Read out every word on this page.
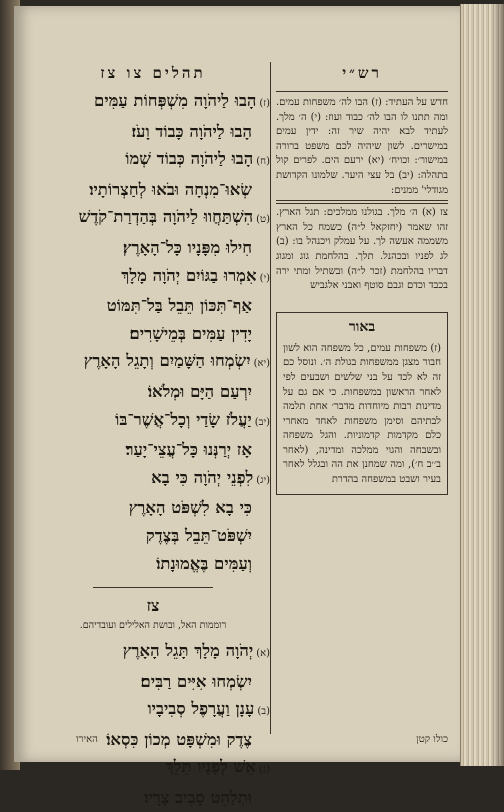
תהלים צו צז
(ז)הָבוּ לַיהֹוָה מִשְׁפְּחוֹת עַמִּים
הָבוּ לַיהֹוָה כָּבוֹד וָעֹז׃
(ח)הָבוּ לַיהֹוָה כְּבוֹד שְׁמוֹ
שְׂאוּ־מִנְחָה וּבֹאוּ לְחַצְרוֹתָיו׃
(ט)הִשְׁתַּחֲווּ לַיהֹוָה בְּהַדְרַת־קֹדֶשׁ
חִילוּ מִפָּנָיו כָּל־הָאָרֶץ׃
(י)אִמְרוּ בַגּוֹיִם יְהֹוָה מָלָךְ
אַף־תִּכּוֹן תֵּבֵל בַּל־תִּמּוֹט
יָדִין עַמִּים בְּמֵישָׁרִים׃
(יא)יִשְׂמְחוּ הַשָּׁמַיִם וְתָגֵל הָאָרֶץ
יִרְעַם הַיָּם וּמְלֹאוֹ׃
(יב)יַעֲלֹז שָׂדַי וְכָל־אֲשֶׁר־בּוֹ
אָז יְרַנְּנוּ כָּל־עֲצֵי־יָעַר׃
(יג)לִפְנֵי יְהֹוָה כִּי בָא
כִּי בָא לִשְׁפֹּט הָאָרֶץ
יִשְׁפֹּט־תֵּבֵל בְּצֶדֶק
וְעַמִּים בֶּאֱמוּנָתוֹ׃
צז
רוממות האל, ובושת האלילים ועובדיהם.
(א)יְהֹוָה מָלָךְ תָּגֵל הָאָרֶץ
יִשְׂמְחוּ אִיִּים רַבִּים׃
(ב)עָנָן וַעֲרָפֶל סְבִיבָיו
צֶדֶק וּמִשְׁפָּט מְכוֹן כִּסְאוֹ׃
(ג)אֵשׁ לְפָנָיו תֵּלֵךְ
וּתְלַהֵט סָבִיב צָרָיו׃
רש״י
חדש על העתיד: (ז) הבו לה׳ משפחות עמים. ומה תתנו לו הבו לה׳ כבוד ועוז: (י) ה׳ מלך. לעתיד לבא יהיה שיר זה: ידין עמים במישרים. לשון שיהיה לכם משפט ברורה במישור׳: וכויח׳ (יא) ירעם הים. לפרים קול בתהלה: (יב) בל עצי היער. שלמונו הקדושת מגודלי' ממנים:
צז (א) ה׳ מלך. בגולנו ממלכים: תגל הארץ. זהו שאמר (יחזקאל ל״ה) כשמח כל הארץ משממה אעשה לך. על עמלק ויכנהל בו: (ב) לג לפניו ובכהנל. תלך. בהלחמת גוג ומגוג דבריו בהלחמת (זכר ל״ה) ובשתיל ומתי ירה בכבד וכדם וגבם סוטף ואבני אלגביש
באור
(ז) משפחות עמים, כל משפחה הוא לשון חבור מצגן ממשפחות בגולת ה׳. ונוסל כם זה לא לכד על בני שלשים ושבעים לפי לאחר הראשון במשפחות. כי אם גם על מדינות רבות מיוחדות מדבר׳ אחת תלמה לבתיהם וסימן משפחות לאחד מאחרי כלם מקדמות קדמוניות. והגל משפחה ובשבחה והגוי ממלכה ומדינה, (לאחר ב׳׳ב ח׳), ומה שמחנן את הה ובגלל לאחר בעיר ושבט במשפחה בהדרת
כולו קטן
האירו
